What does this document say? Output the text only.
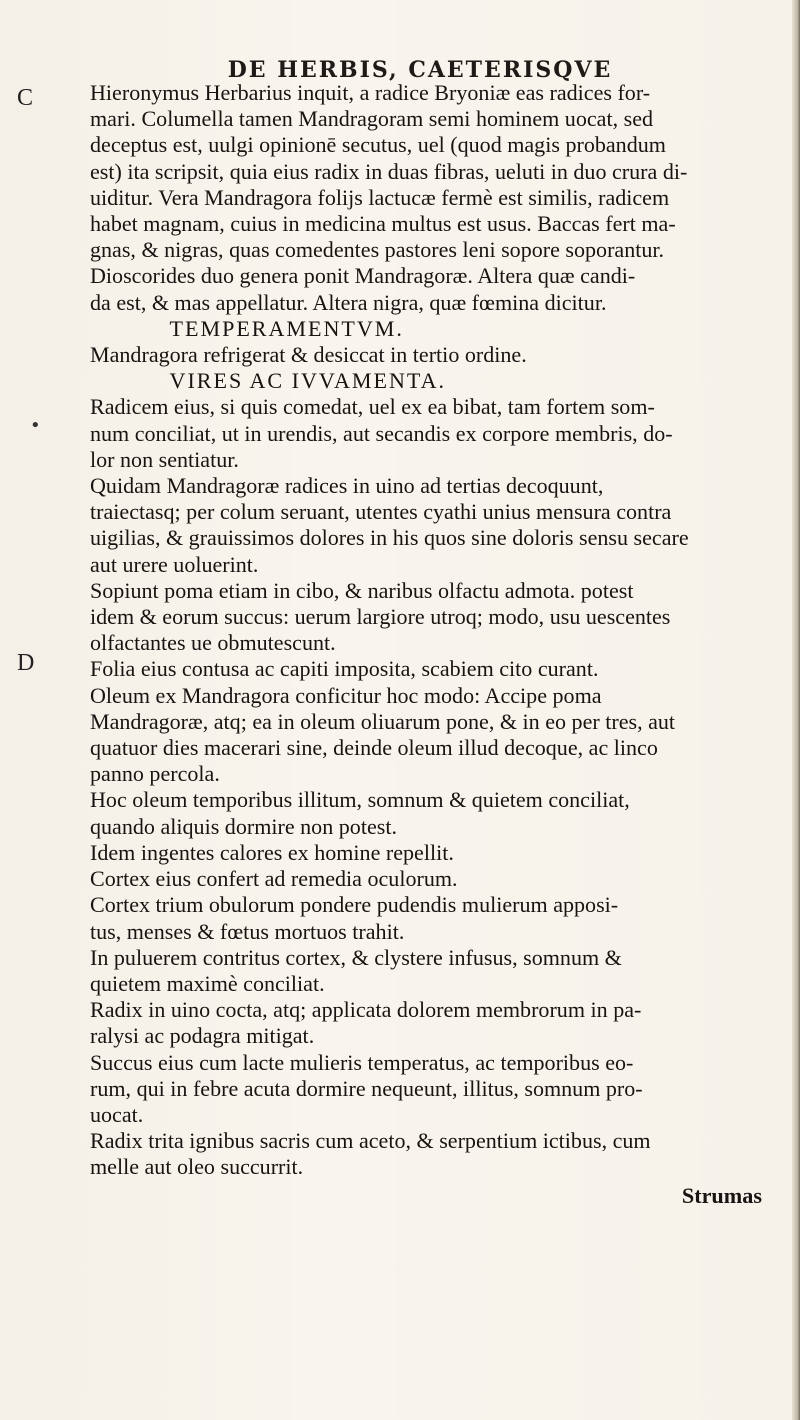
DE HERBIS, CAETERISQVE
C
D
•
Hieronymus Herbarius inquit, a radice Bryoniæ eas radices for-
mari. Columella tamen Mandragoram semi hominem uocat, sed
deceptus est, uulgi opinionē secutus, uel (quod magis probandum
est) ita scripsit, quia eius radix in duas fibras, ueluti in duo crura di-
uiditur. Vera Mandragora folijs lactucæ fermè est similis, radicem
habet magnam, cuius in medicina multus est usus. Baccas fert ma-
gnas, & nigras, quas comedentes pastores leni sopore soporantur.
Dioscorides duo genera ponit Mandragoræ. Altera quæ candi-
da est, & mas appellatur. Altera nigra, quæ fœmina dicitur.
TEMPERAMENTVM.
Mandragora refrigerat & desiccat in tertio ordine.
VIRES AC IVVAMENTA.
Radicem eius, si quis comedat, uel ex ea bibat, tam fortem som-
num conciliat, ut in urendis, aut secandis ex corpore membris, do-
lor non sentiatur.
Quidam Mandragoræ radices in uino ad tertias decoquunt,
traiectasq; per colum seruant, utentes cyathi unius mensura contra
uigilias, & grauissimos dolores in his quos sine doloris sensu secare
aut urere uoluerint.
Sopiunt poma etiam in cibo, & naribus olfactu admota. potest
idem & eorum succus: uerum largiore utroq; modo, usu uescentes
olfactantes ue obmutescunt.
Folia eius contusa ac capiti imposita, scabiem cito curant.
Oleum ex Mandragora conficitur hoc modo: Accipe poma
Mandragoræ, atq; ea in oleum oliuarum pone, & in eo per tres, aut
quatuor dies macerari sine, deinde oleum illud decoque, ac linco
panno percola.
Hoc oleum temporibus illitum, somnum & quietem conciliat,
quando aliquis dormire non potest.
Idem ingentes calores ex homine repellit.
Cortex eius confert ad remedia oculorum.
Cortex trium obulorum pondere pudendis mulierum apposi-
tus, menses & fœtus mortuos trahit.
In puluerem contritus cortex, & clystere infusus, somnum &
quietem maximè conciliat.
Radix in uino cocta, atq; applicata dolorem membrorum in pa-
ralysi ac podagra mitigat.
Succus eius cum lacte mulieris temperatus, ac temporibus eo-
rum, qui in febre acuta dormire nequeunt, illitus, somnum pro-
uocat.
Radix trita ignibus sacris cum aceto, & serpentium ictibus, cum
melle aut oleo succurrit.
Strumas
